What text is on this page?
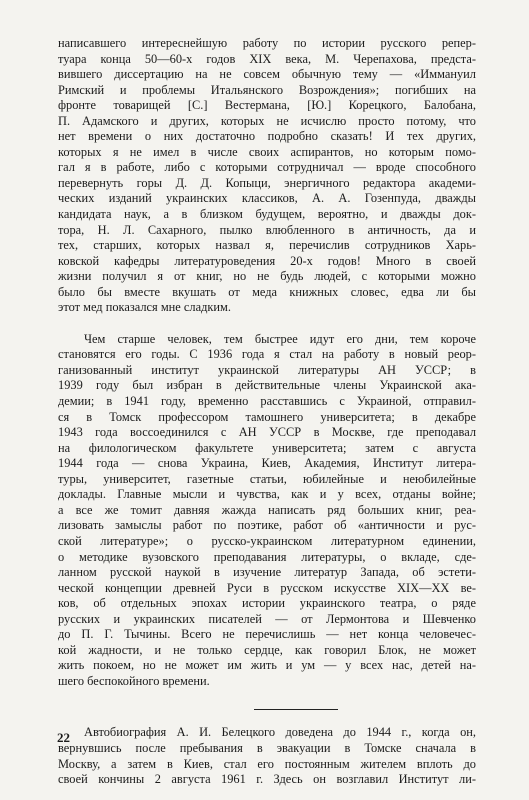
написавшего интереснейшую работу по истории русского репер-
туара конца 50—60-х годов XIX века, М. Черепахова, предста-
вившего диссертацию на не совсем обычную тему — «Иммануил
Римский и проблемы Итальянского Возрождения»; погибших на
фронте товарищей [С.] Вестермана, [Ю.] Корецкого, Балобана,
П. Адамского и других, которых не исчислю просто потому, что
нет времени о них достаточно подробно сказать! И тех других,
которых я не имел в числе своих аспирантов, но которым помо-
гал я в работе, либо с которыми сотрудничал — вроде способного
перевернуть горы Д. Д. Копыци, энергичного редактора академи-
ческих изданий украинских классиков, А. А. Гозенпуда, дважды
кандидата наук, а в близком будущем, вероятно, и дважды док-
тора, Н. Л. Сахарного, пылко влюбленного в античность, да и
тех, старших, которых назвал я, перечислив сотрудников Харь-
ковской кафедры литературоведения 20-х годов! Много в своей
жизни получил я от книг, но не будь людей, с которыми можно
было бы вместе вкушать от меда книжных словес, едва ли бы
этот мед показался мне сладким.
Чем старше человек, тем быстрее идут его дни, тем короче
становятся его годы. С 1936 года я стал на работу в новый реор-
ганизованный институт украинской литературы АН УССР; в
1939 году был избран в действительные члены Украинской ака-
демии; в 1941 году, временно расставшись с Украиной, отправил-
ся в Томск профессором тамошнего университета; в декабре
1943 года воссоединился с АН УССР в Москве, где преподавал
на филологическом факультете университета; затем с августа
1944 года — снова Украина, Киев, Академия, Институт литера-
туры, университет, газетные статьи, юбилейные и неюбилейные
доклады. Главные мысли и чувства, как и у всех, отданы войне;
а все же томит давняя жажда написать ряд больших книг, реа-
лизовать замыслы работ по поэтике, работ об «античности и рус-
ской литературе»; о русско-украинском литературном единении,
о методике вузовского преподавания литературы, о вкладе, сде-
ланном русской наукой в изучение литератур Запада, об эстети-
ческой концепции древней Руси в русском искусстве XIX—XX ве-
ков, об отдельных эпохах истории украинского театра, о ряде
русских и украинских писателей — от Лермонтова и Шевченко
до П. Г. Тычины. Всего не перечислишь — нет конца человечес-
кой жадности, и не только сердце, как говорил Блок, не может
жить покоем, но не может им жить и ум — у всех нас, детей на-
шего беспокойного времени.
Автобиография А. И. Белецкого доведена до 1944 г., когда он,
вернувшись после пребывания в эвакуации в Томске сначала в
Москву, а затем в Киев, стал его постоянным жителем вплоть до
своей кончины 2 августа 1961 г. Здесь он возглавил Институт ли-
22
